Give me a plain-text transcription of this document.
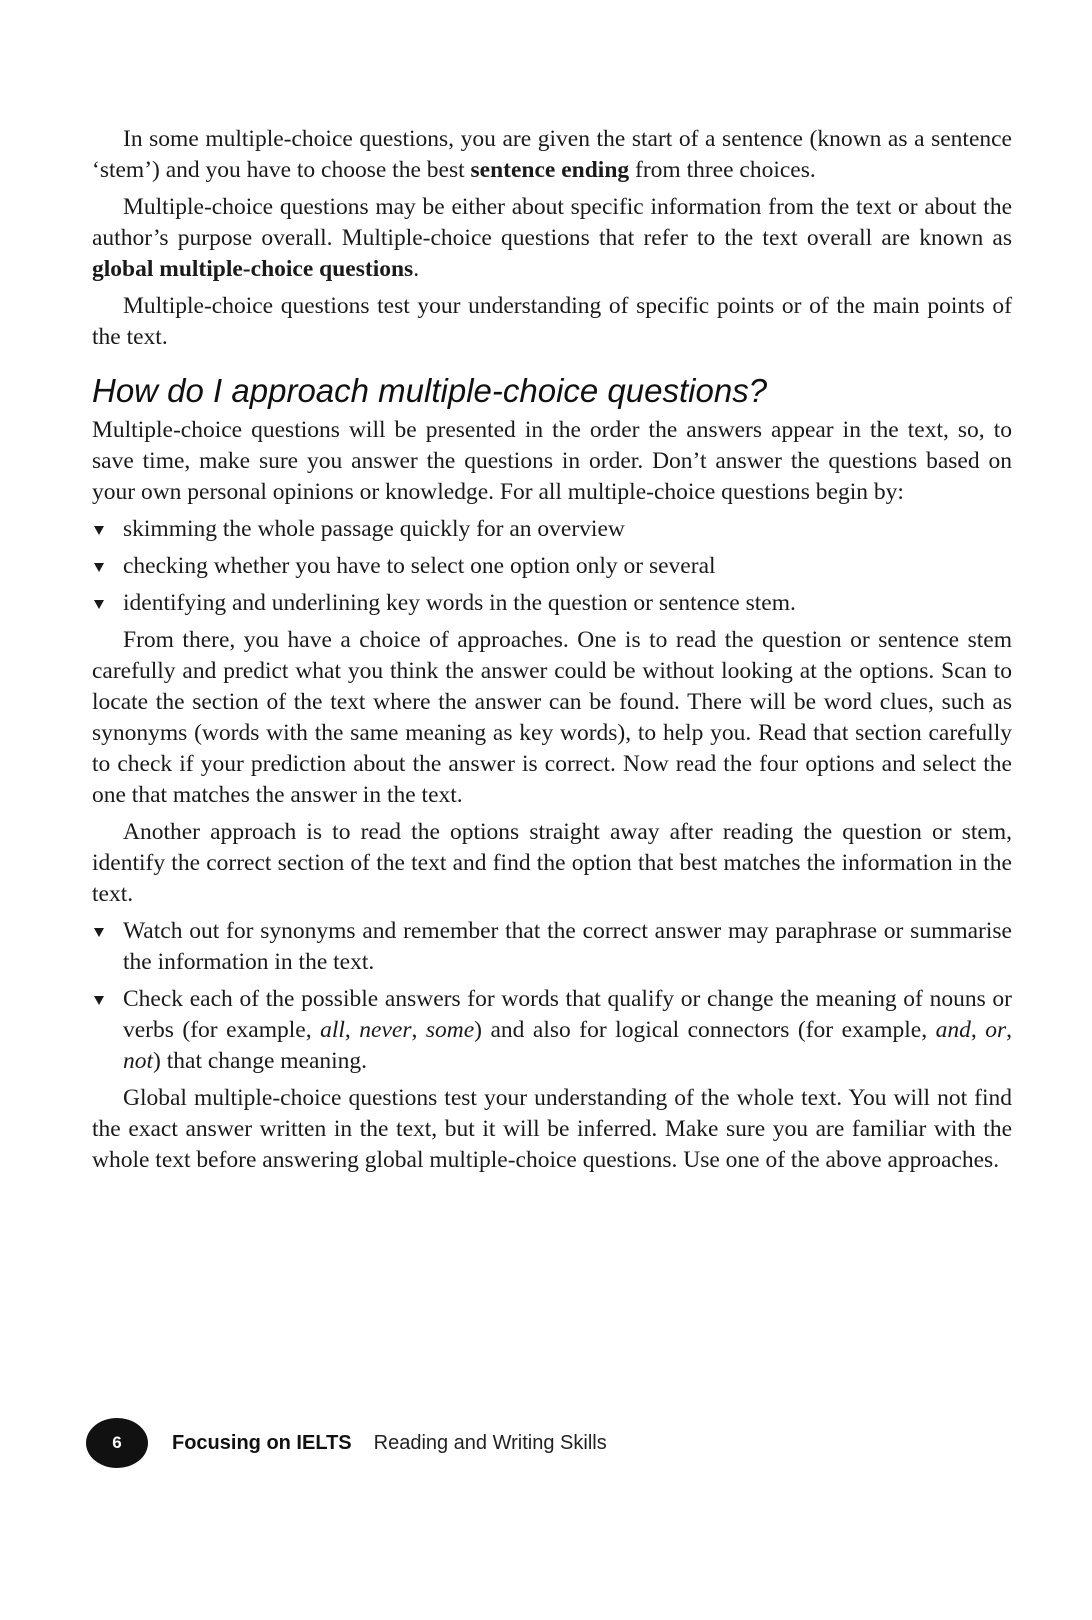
In some multiple-choice questions, you are given the start of a sentence (known as a sentence ‘stem’) and you have to choose the best sentence ending from three choices.

Multiple-choice questions may be either about specific information from the text or about the author’s purpose overall. Multiple-choice questions that refer to the text overall are known as global multiple-choice questions.

Multiple-choice questions test your understanding of specific points or of the main points of the text.

How do I approach multiple-choice questions?

Multiple-choice questions will be presented in the order the answers appear in the text, so, to save time, make sure you answer the questions in order. Don’t answer the questions based on your own personal opinions or knowledge. For all multiple-choice questions begin by:

skimming the whole passage quickly for an overview
checking whether you have to select one option only or several
identifying and underlining key words in the question or sentence stem.

From there, you have a choice of approaches. One is to read the question or sentence stem carefully and predict what you think the answer could be without looking at the options. Scan to locate the section of the text where the answer can be found. There will be word clues, such as synonyms (words with the same meaning as key words), to help you. Read that section carefully to check if your prediction about the answer is correct. Now read the four options and select the one that matches the answer in the text.

Another approach is to read the options straight away after reading the question or stem, identify the correct section of the text and find the option that best matches the information in the text.

Watch out for synonyms and remember that the correct answer may paraphrase or summarise the information in the text.
Check each of the possible answers for words that qualify or change the meaning of nouns or verbs (for example, all, never, some) and also for logical connectors (for example, and, or, not) that change meaning.

Global multiple-choice questions test your understanding of the whole text. You will not find the exact answer written in the text, but it will be inferred. Make sure you are familiar with the whole text before answering global multiple-choice questions. Use one of the above approaches.

6	Focusing on IELTS Reading and Writing Skills
